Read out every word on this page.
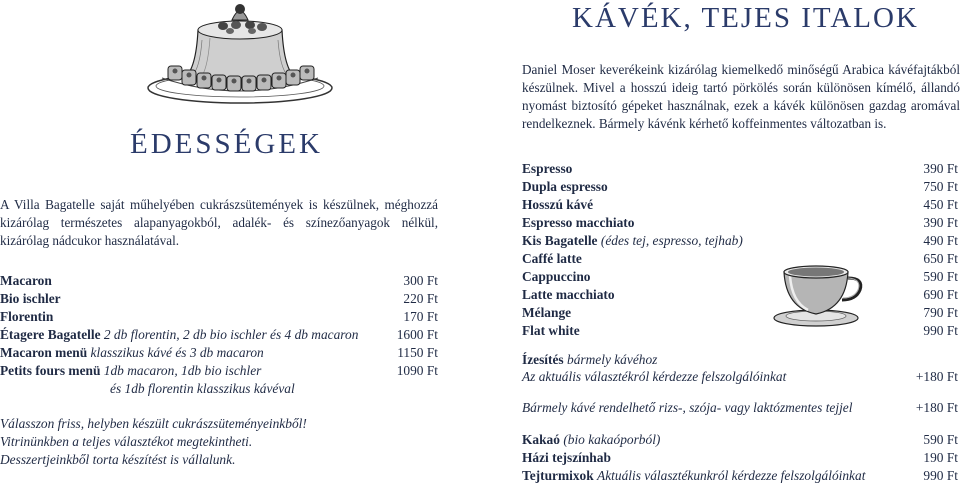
ÉDESSÉGEK
A Villa Bagatelle saját műhelyében cukrászsütemények is készülnek, méghozzá kizárólag természetes alapanyagokból, adalék- és színezőanyagok nélkül, kizárólag nádcukor használatával.
Macaron	300 Ft
Bio ischler	220 Ft
Florentin	170 Ft
Étagere Bagatelle 2 db florentin, 2 db bio ischler és 4 db macaron	1600 Ft
Macaron menü klasszikus kávé és 3 db macaron	1150 Ft
Petits fours menü 1db macaron, 1db bio ischler	1090 Ft
és 1db florentin klasszikus kávéval
Válasszon friss, helyben készült cukrászsüteményeinkből!
Vitrinünkben a teljes választékot megtekintheti.
Desszertjeinkből torta készítést is vállalunk.
KÁVÉK, TEJES ITALOK
Daniel Moser keverékeink kizárólag kiemelkedő minőségű Arabica kávéfajtákból készülnek. Mivel a hosszú ideig tartó pörkölés során különösen kímélő, állandó nyomást biztosító gépeket használnak, ezek a kávék különösen gazdag aromával rendelkeznek. Bármely kávénk kérhető koffeinmentes változatban is.
Espresso	390 Ft
Dupla espresso	750 Ft
Hosszú kávé	450 Ft
Espresso macchiato	390 Ft
Kis Bagatelle (édes tej, espresso, tejhab)	490 Ft
Caffé latte	650 Ft
Cappuccino	590 Ft
Latte macchiato	690 Ft
Mélange	790 Ft
Flat white	990 Ft
Ízesítés bármely kávéhoz
Az aktuális választékról kérdezze felszolgálóinkat	+180 Ft
Bármely kávé rendelhető rizs-, szója- vagy laktózmentes tejjel	+180 Ft
Kakaó (bio kakaóporból)	590 Ft
Házi tejszínhab	190 Ft
Tejturmixok Aktuális választékunkról kérdezze felszolgálóinkat	990 Ft
